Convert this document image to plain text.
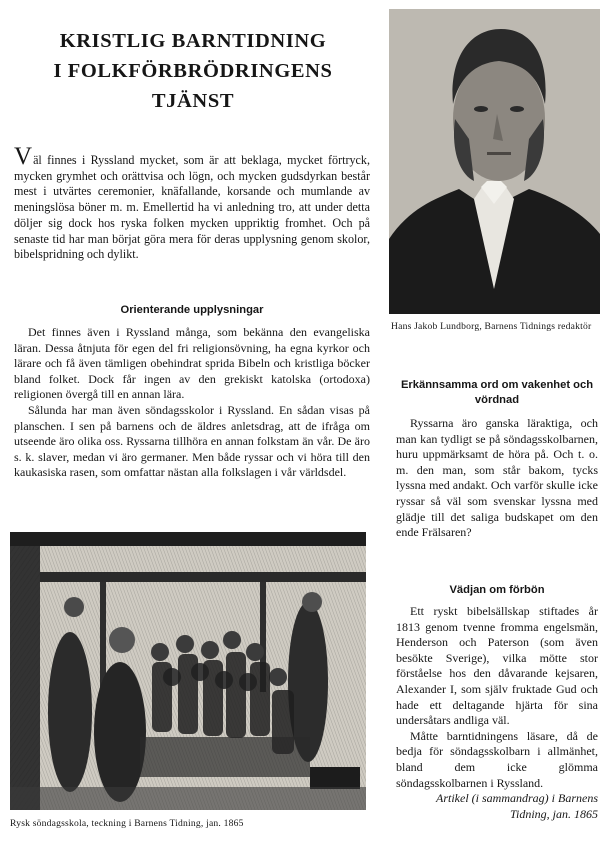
KRISTLIG BARNTIDNING
I FOLKFÖRBRÖDRINGENS
TJÄNST

Väl finnes i Ryssland mycket, som är att beklaga, mycket förtryck, mycken grymhet och orättvisa och lögn, och mycken gudsdyrkan består mest i utvärtes ceremonier, knäfallande, korsande och mumlande av meningslösa böner m. m. Emellertid ha vi anledning tro, att under detta döljer sig dock hos ryska folken mycken uppriktig fromhet. Och på senaste tid har man börjat göra mera för deras upplysning genom skolor, bibelspridning och dylikt.

Orienterande upplysningar

Det finnes även i Ryssland många, som bekänna den evangeliska läran. Dessa åtnjuta för egen del fri religionsövning, ha egna kyrkor och lärare och få även tämligen obehindrat sprida Bibeln och kristliga böcker bland folket. Dock får ingen av den grekiskt katolska (ortodoxa) religionen övergå till en annan lära.

Sålunda har man även söndagsskolor i Ryssland. En sådan visas på planschen. I sen på barnens och de äldres anletsdrag, att de ifråga om utseende äro olika oss. Ryssarna tillhöra en annan folkstam än vår. De äro s. k. slaver, medan vi äro germaner. Men både ryssar och vi höra till den kaukasiska rasen, som omfattar nästan alla folkslagen i vår världsdel.

Rysk söndagsskola, teckning i Barnens Tidning, jan. 1865

Hans Jakob Lundborg, Barnens Tidnings redaktör

Erkännsamma ord om vakenhet och vördnad

Ryssarna äro ganska läraktiga, och man kan tydligt se på söndagsskolbarnen, huru uppmärksamt de höra på. Och t. o. m. den man, som står bakom, tycks lyssna med andakt. Och varför skulle icke ryssar så väl som svenskar lyssna med glädje till det saliga budskapet om den ende Frälsaren?

Vädjan om förbön

Ett ryskt bibelsällskap stiftades år 1813 genom tvenne fromma engelsmän, Henderson och Paterson (som även besökte Sverige), vilka mötte stor förståelse hos den dåvarande kejsaren, Alexander I, som själv fruktade Gud och hade ett deltagande hjärta för sina undersåtars andliga väl.

Måtte barntidningens läsare, då de bedja för söndagsskolbarn i allmänhet, bland dem icke glömma söndagsskolbarnen i Ryssland.

Artikel (i sammandrag) i Barnens Tidning, jan. 1865
